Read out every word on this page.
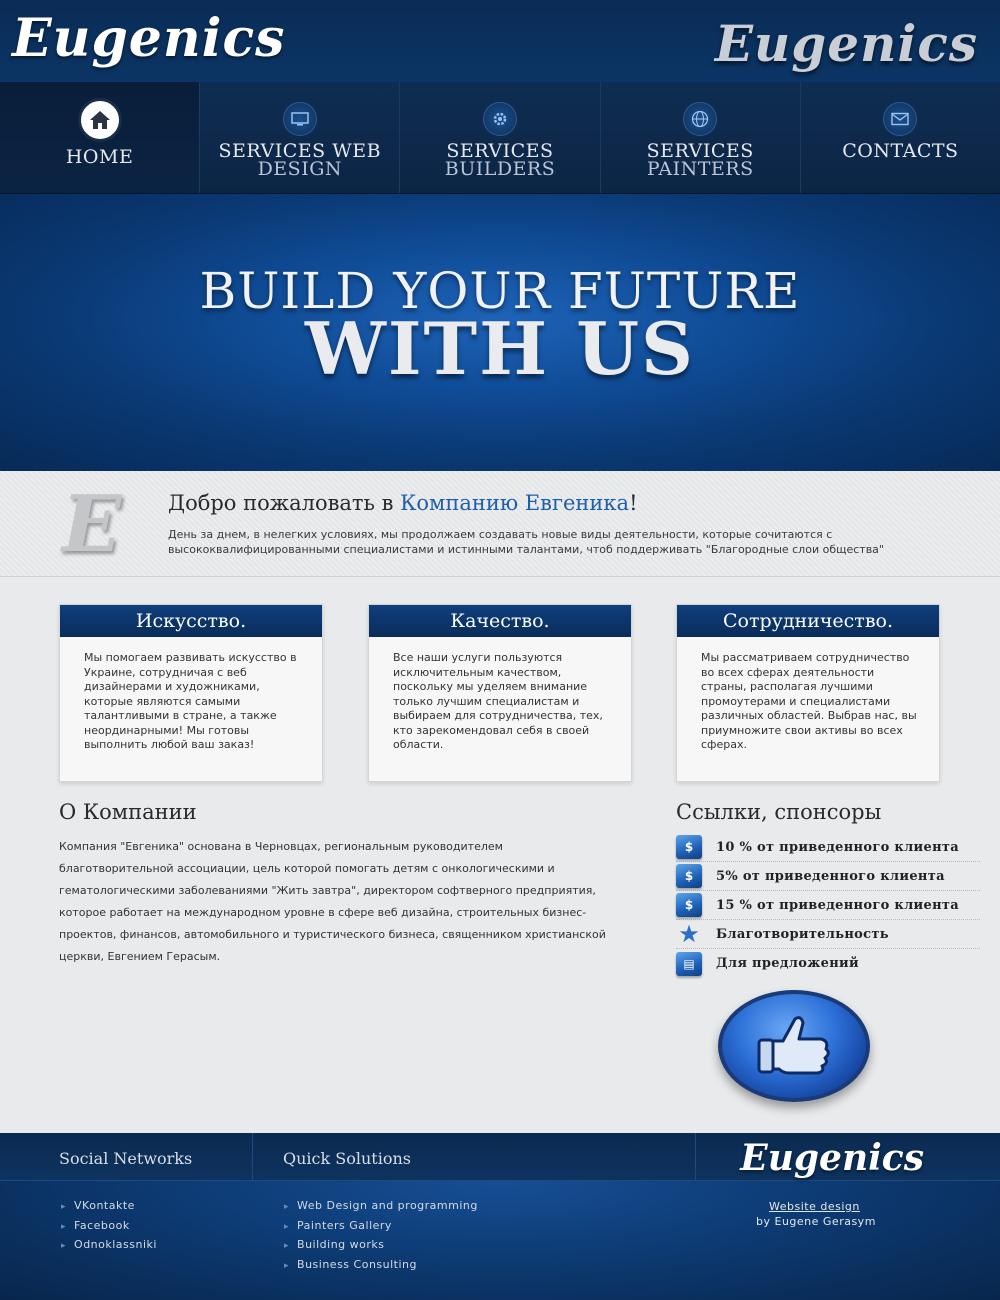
Eugenics	Eugenics
HOME	SERVICES WEB
DESIGN
SERVICES
BUILDERS
SERVICES
PAINTERS
CONTACTS
BUILD YOUR FUTURE
WITH US
E Добро пожаловать в Компанию Евгеника!
День за днем, в нелегких условиях, мы продолжаем создавать новые виды деятельности, которые сочитаются с высококвалифицированными специалистами и истинными талантами, чтоб поддерживать "Благородные слои общества"
Искусство.
Мы помогаем развивать искусство в Украине, сотрудничая с веб дизайнерами и художниками, которые являются самыми талантливыми в стране, а также неординарными! Мы готовы выполнить любой ваш заказ!
Качество.
Все наши услуги пользуются исключительным качеством, поскольку мы уделяем внимание только лучшим специалистам и выбираем для сотрудничества, тех, кто зарекомендовал себя в своей области.
Сотрудничество.
Мы рассматриваем сотрудничество во всех сферах деятельности страны, располагая лучшими промоутерами и специалистами различных областей. Выбрав нас, вы приумножите свои активы во всех сферах.
О Компании
Компания "Евгеника" основана в Черновцах, региональным руководителем благотворительной ассоциации, цель которой помогать детям с онкологическими и гематологическими заболеваниями "Жить завтра", директором софтверного предприятия, которое работает на международном уровне в сфере веб дизайна, строительных бизнес-проектов, финансов, автомобильного и туристического бизнеса, священником христианской церкви, Евгением Герасым.
Ссылки, спонсоры
$	10 % от приведенного клиента
$	5% от приведенного клиента
$	15 % от приведенного клиента
★ Благотворительность
▤	Для предложений
Social Networks	Quick Solutions	Eugenics
▸ VKontakte
▸ Facebook
▸ Odnoklassniki
▸ Web Design and programming
▸ Painters Gallery
▸ Building works
▸ Business Consulting
Website design
by Eugene Gerasym
